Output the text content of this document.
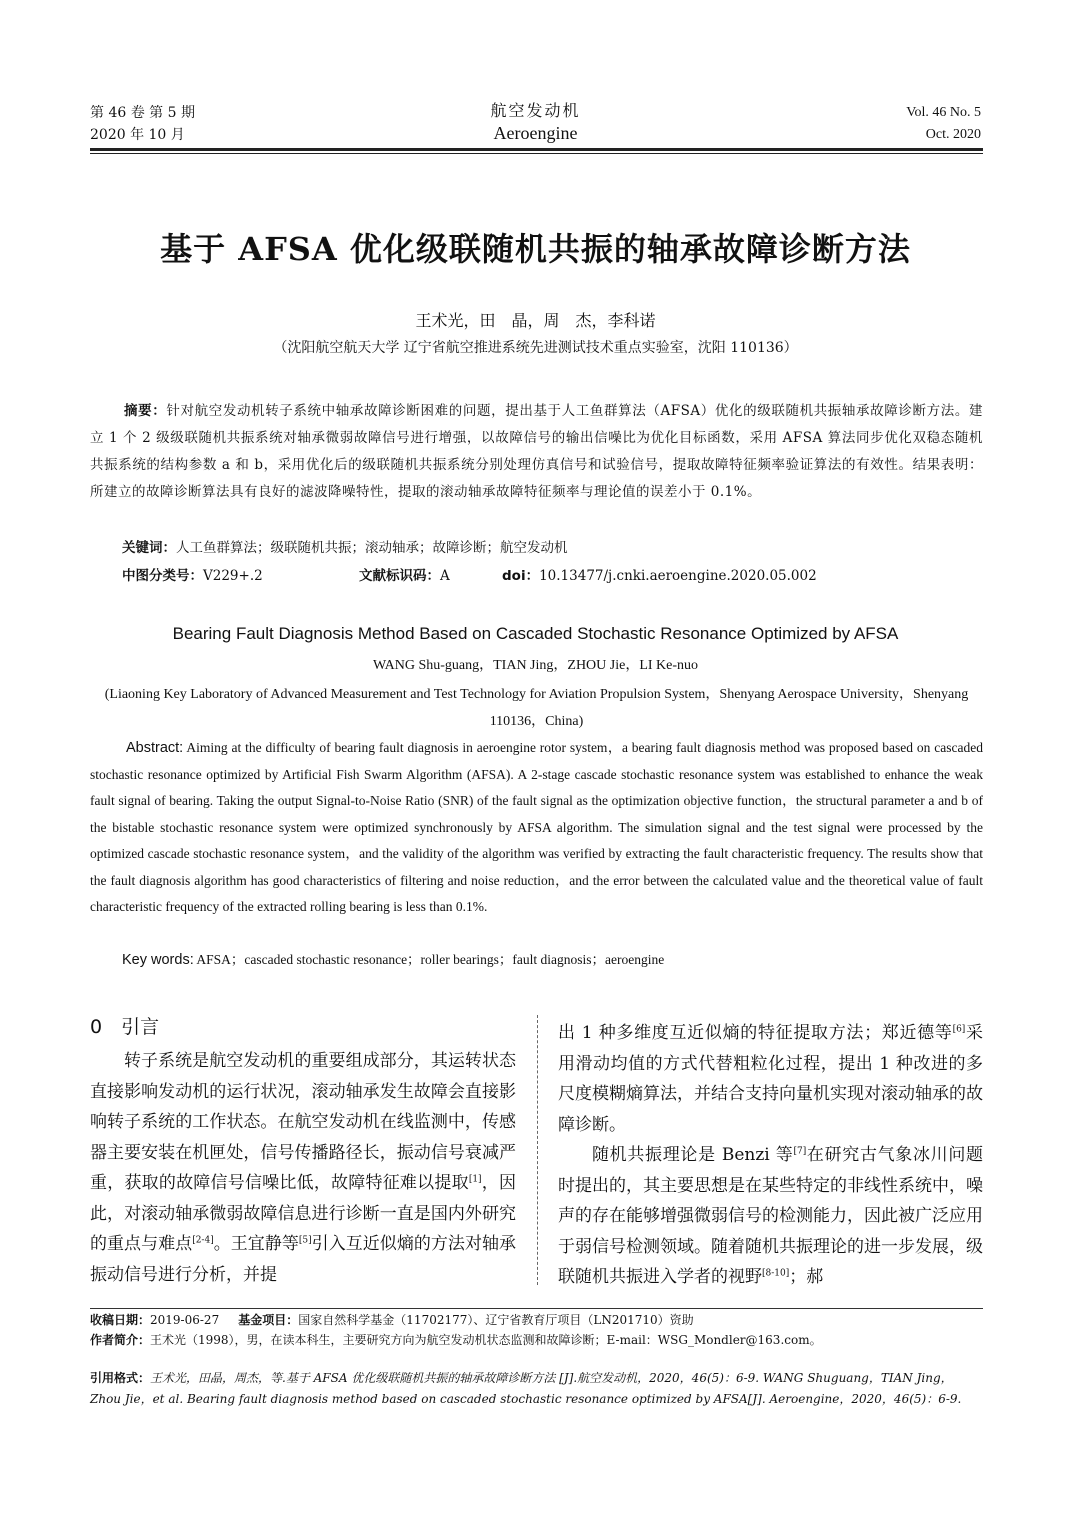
第 46 卷 第 5 期
2020 年 10 月
航空发动机
Aeroengine
Vol. 46 No. 5
Oct. 2020
基于 AFSA 优化级联随机共振的轴承故障诊断方法
王术光，田　晶，周　杰，李科诺
（沈阳航空航天大学 辽宁省航空推进系统先进测试技术重点实验室，沈阳 110136）

摘要：针对航空发动机转子系统中轴承故障诊断困难的问题，提出基于人工鱼群算法（AFSA）优化的级联随机共振轴承故障诊断方法。建立 1 个 2 级级联随机共振系统对轴承微弱故障信号进行增强，以故障信号的输出信噪比为优化目标函数，采用 AFSA 算法同步优化双稳态随机共振系统的结构参数 a 和 b，采用优化后的级联随机共振系统分别处理仿真信号和试验信号，提取故障特征频率验证算法的有效性。结果表明：所建立的故障诊断算法具有良好的滤波降噪特性，提取的滚动轴承故障特征频率与理论值的误差小于 0.1%。

关键词：人工鱼群算法；级联随机共振；滚动轴承；故障诊断；航空发动机
中图分类号：V229+.2	文献标识码：A	doi：10.13477/j.cnki.aeroengine.2020.05.002
Bearing Fault Diagnosis Method Based on Cascaded Stochastic Resonance Optimized by AFSA
WANG Shu-guang，TIAN Jing，ZHOU Jie，LI Ke-nuo
(Liaoning Key Laboratory of Advanced Measurement and Test Technology for Aviation Propulsion System，Shenyang Aerospace University，Shenyang 110136，China)

Abstract: Aiming at the difficulty of bearing fault diagnosis in aeroengine rotor system，a bearing fault diagnosis method was proposed based on cascaded stochastic resonance optimized by Artificial Fish Swarm Algorithm (AFSA). A 2-stage cascade stochastic resonance system was established to enhance the weak fault signal of bearing. Taking the output Signal-to-Noise Ratio (SNR) of the fault signal as the optimization objective function，the structural parameter a and b of the bistable stochastic resonance system were optimized synchronously by AFSA algorithm. The simulation signal and the test signal were processed by the optimized cascade stochastic resonance system，and the validity of the algorithm was verified by extracting the fault characteristic frequency. The results show that the fault diagnosis algorithm has good characteristics of filtering and noise reduction，and the error between the calculated value and the theoretical value of fault characteristic frequency of the extracted rolling bearing is less than 0.1%.

Key words: AFSA；cascaded stochastic resonance；roller bearings；fault diagnosis；aeroengine
0　引言

转子系统是航空发动机的重要组成部分，其运转状态直接影响发动机的运行状况，滚动轴承发生故障会直接影响转子系统的工作状态。在航空发动机在线监测中，传感器主要安装在机匣处，信号传播路径长，振动信号衰减严重，获取的故障信号信噪比低，故障特征难以提取[1]，因此，对滚动轴承微弱故障信息进行诊断一直是国内外研究的重点与难点[2-4]。王宜静等[5]引入互近似熵的方法对轴承振动信号进行分析，并提

出 1 种多维度互近似熵的特征提取方法；郑近德等[6]采用滑动均值的方式代替粗粒化过程，提出 1 种改进的多尺度模糊熵算法，并结合支持向量机实现对滚动轴承的故障诊断。

随机共振理论是 Benzi 等[7]在研究古气象冰川问题时提出的，其主要思想是在某些特定的非线性系统中，噪声的存在能够增强微弱信号的检测能力，因此被广泛应用于弱信号检测领域。随着随机共振理论的进一步发展，级联随机共振进入学者的视野[8-10]；郝

收稿日期：2019-06-27 基金项目：国家自然科学基金（11702177）、辽宁省教育厅项目（LN201710）资助
作者简介：王术光（1998），男，在读本科生，主要研究方向为航空发动机状态监测和故障诊断；E-mail：WSG_Mondler@163.com。
引用格式：王术光，田晶，周杰，等.基于 AFSA 优化级联随机共振的轴承故障诊断方法 [J].航空发动机，2020，46(5)：6-9. WANG Shuguang，TIAN Jing，Zhou Jie，et al. Bearing fault diagnosis method based on cascaded stochastic resonance optimized by AFSA[J]. Aeroengine，2020，46(5)：6-9.
